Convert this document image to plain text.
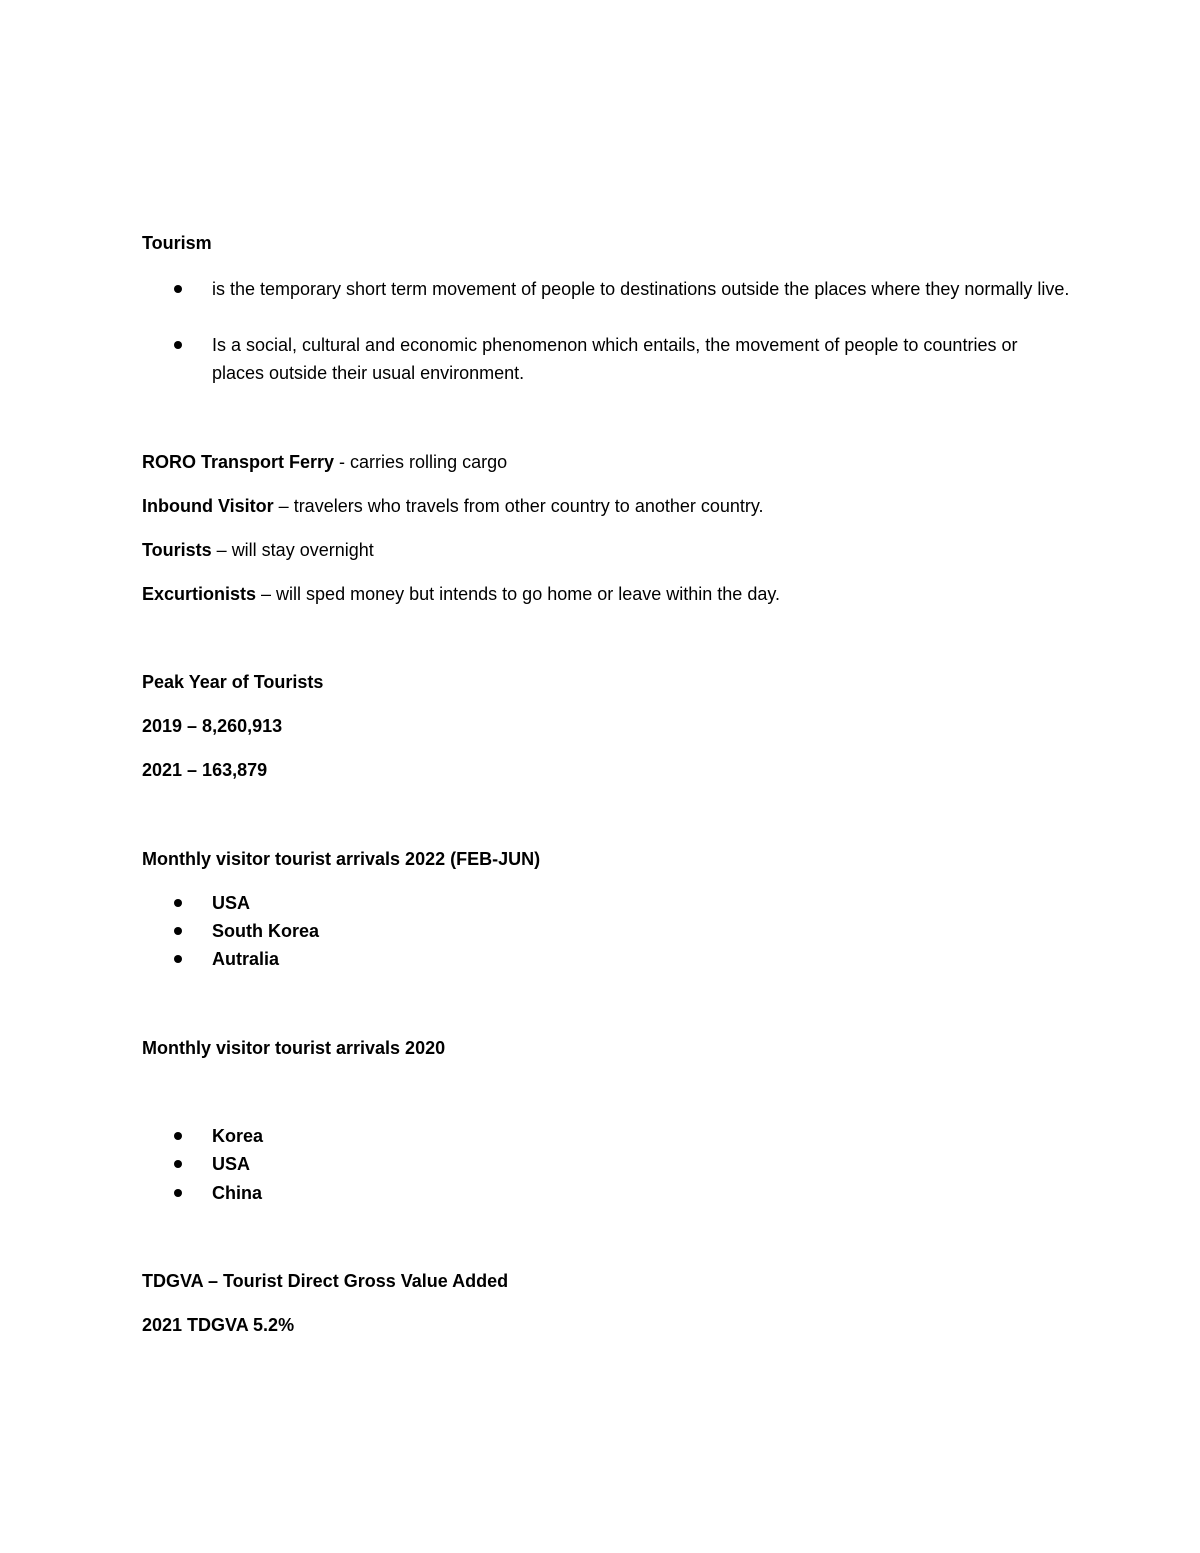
Tourism
is the temporary short term movement of people to destinations outside the places where they normally live.
Is a social, cultural and economic phenomenon which entails, the movement of people to countries or places outside their usual environment.
RORO Transport Ferry - carries rolling cargo
Inbound Visitor – travelers who travels from other country to another country.
Tourists – will stay overnight
Excurtionists – will sped money but intends to go home or leave within the day.
Peak Year of Tourists
2019 – 8,260,913
2021 – 163,879
Monthly visitor tourist arrivals 2022 (FEB-JUN)
USA
South Korea
Autralia
Monthly visitor tourist arrivals 2020
Korea
USA
China
TDGVA – Tourist Direct Gross Value Added
2021 TDGVA 5.2%
